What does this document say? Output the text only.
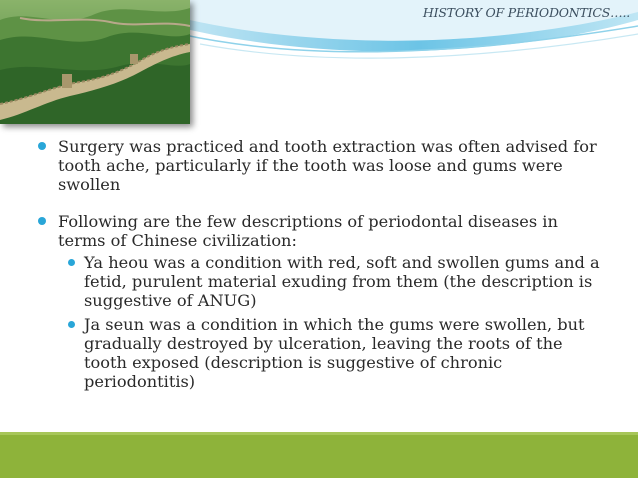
HISTORY OF PERIODONTICS…..
Surgery was practiced and tooth extraction was often advised for tooth ache, particularly if the tooth was loose and gums were swollen
Following are the few descriptions of periodontal diseases in terms of Chinese civilization:
Ya heou was a condition with red, soft and swollen gums and a fetid, purulent material exuding from them (the description is suggestive of ANUG)
Ja seun was a condition in which the gums were swollen, but gradually destroyed by ulceration, leaving the roots of the tooth exposed (description is suggestive of chronic periodontitis)
